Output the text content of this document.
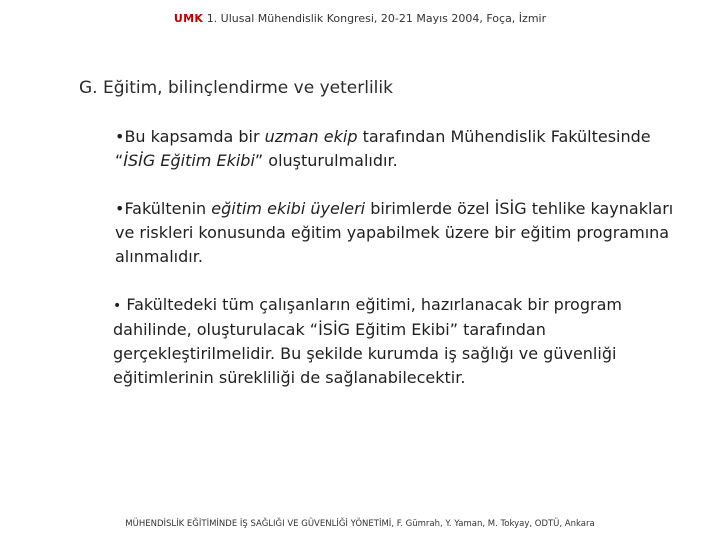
UMK 1. Ulusal Mühendislik Kongresi, 20-21 Mayıs 2004, Foça, İzmir
G. Eğitim, bilinçlendirme ve yeterlilik
•Bu kapsamda bir uzman ekip tarafından Mühendislik Fakültesinde “İSİG Eğitim Ekibi” oluşturulmalıdır.
•Fakültenin eğitim ekibi üyeleri birimlerde özel İSİG tehlike kaynakları ve riskleri konusunda eğitim yapabilmek üzere bir eğitim programına alınmalıdır.
• Fakültedeki tüm çalışanların eğitimi, hazırlanacak bir program dahilinde, oluşturulacak “İSİG Eğitim Ekibi” tarafından gerçekleştirilmelidir. Bu şekilde kurumda iş sağlığı ve güvenliği eğitimlerinin sürekliliği de sağlanabilecektir.
MÜHENDİSLİK EĞİTİMİNDE İŞ SAĞLIĞI VE GÜVENLİĞİ YÖNETİMİ, F. Gümrah, Y. Yaman, M. Tokyay, ODTÜ, Ankara
